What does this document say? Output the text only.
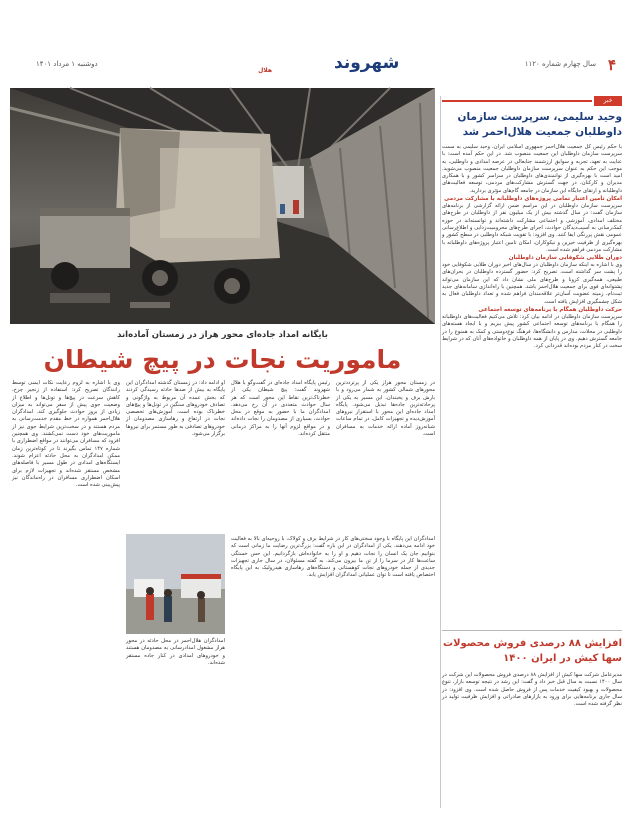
۴
سال چهارم شماره ۱۱۲۰
شهروند
هلال
دوشنبه ۱ مرداد ۱۴۰۱
خبر
وحید سلیمی، سرپرست سازمان داوطلبان جمعیت هلال‌احمر شد

با حکم رئیس کل جمعیت هلال‌احمر جمهوری اسلامی ایران، وحید سلیمی به سمت سرپرست سازمان داوطلبان این جمعیت منصوب شد. در این حکم آمده است: با عنایت به تعهد، تجربه و سوابق ارزشمند جنابعالی در عرصه امدادی و داوطلبی، به موجب این حکم به عنوان سرپرست سازمان داوطلبان جمعیت منصوب می‌شوید. امید است با بهره‌گیری از توانمندی‌های داوطلبان در سراسر کشور و با همکاری مدیران و کارکنان، در جهت گسترش مشارکت‌های مردمی، توسعه فعالیت‌های داوطلبانه و ارتقای جایگاه این سازمان در جامعه گام‌های مؤثری بردارید.

امکان تامین اعتبار تمامی پروژه‌های داوطلبانه با مشارکت مردمی

سرپرست سازمان داوطلبان در این مراسم ضمن ارائه گزارشی از برنامه‌های سازمان گفت: در سال گذشته بیش از یک میلیون نفر از داوطلبان در طرح‌های مختلف امدادی، آموزشی و اجتماعی مشارکت داشته‌اند و توانسته‌اند در حوزه کمک‌رسانی به آسیب‌دیدگان حوادث، اجرای طرح‌های محرومیت‌زدایی و اطلاع‌رسانی عمومی نقش پررنگی ایفا کنند. وی افزود: با تقویت شبکه داوطلبی در سطح کشور و بهره‌گیری از ظرفیت خیرین و نیکوکاران، امکان تامین اعتبار پروژه‌های داوطلبانه با مشارکت مردمی فراهم شده است.

دوران طلایی شکوفایی سازمان داوطلبان

وی با اشاره به اینکه سازمان داوطلبان در سال‌های اخیر دوران طلایی شکوفایی خود را پشت سر گذاشته است، تصریح کرد: حضور گسترده داوطلبان در بحران‌های طبیعی، همه‌گیری کرونا و طرح‌های ملی نشان داد که این سازمان می‌تواند پشتوانه‌ای قوی برای جمعیت هلال‌احمر باشد. همچنین با راه‌اندازی سامانه‌های جدید ثبت‌نام، زمینه عضویت آسان‌تر علاقه‌مندان فراهم شده و تعداد داوطلبان فعال به شکل چشمگیری افزایش یافته است.

حرکت داوطلبان همگام با برنامه‌های توسعه اجتماعی

سرپرست سازمان داوطلبان در ادامه بیان کرد: تلاش می‌کنیم فعالیت‌های داوطلبانه را همگام با برنامه‌های توسعه اجتماعی کشور پیش ببریم و با ایجاد هسته‌های داوطلبی در محلات، مدارس و دانشگاه‌ها، فرهنگ نوع‌دوستی و کمک به همنوع را در جامعه گسترش دهیم. وی در پایان از همه داوطلبان و خانواده‌های آنان که در شرایط سخت در کنار مردم بوده‌اند قدردانی کرد.

افزایش ۸۸ درصدی فروش محصولات سها کیش در ایران ۱۴۰۰

مدیرعامل شرکت سها کیش از افزایش ۸۸ درصدی فروش محصولات این شرکت در سال ۱۴۰۰ نسبت به سال قبل خبر داد و گفت: این رشد در نتیجه توسعه بازار، تنوع محصولات و بهبود کیفیت خدمات پس از فروش حاصل شده است. وی افزود: در سال جاری برنامه‌هایی برای ورود به بازارهای صادراتی و افزایش ظرفیت تولید در نظر گرفته شده است.

بایگانه امداد جاده‌ای محور هراز در زمستان آماده‌اند
ماموریت نجات در پیچ شیطان

در زمستان محور هراز یکی از پرتردد‌ترین محورهای شمالی کشور به شمار می‌رود و با بارش برف و یخبندان، این مسیر به یکی از پرحادثه‌ترین جاده‌ها تبدیل می‌شود. پایگاه امداد جاده‌ای این محور با استقرار نیروهای آموزش‌دیده و تجهیزات کامل، در تمام ساعات شبانه‌روز آماده ارائه خدمات به مسافران است.

رئیس پایگاه امداد جاده‌ای در گفت‌وگو با هلال شهروند گفت: پیچ شیطان یکی از خطرناک‌ترین نقاط این محور است که هر سال حوادث متعددی در آن رخ می‌دهد. امدادگران ما با حضور به موقع در محل حوادث، بسیاری از مصدومان را نجات داده‌اند و در مواقع لزوم آنها را به مراکز درمانی منتقل کرده‌اند.

او ادامه داد: در زمستان گذشته امدادگران این پایگاه به بیش از صدها حادثه رسیدگی کردند که بخش عمده آن مربوط به واژگونی و تصادف خودروهای سنگین در تونل‌ها و پیچ‌های خطرناک بوده است. آموزش‌های تخصصی نجات در ارتفاع و رهاسازی مصدومان از خودروهای تصادفی به طور مستمر برای نیروها برگزار می‌شود.

وی با اشاره به لزوم رعایت نکات ایمنی توسط رانندگان تصریح کرد: استفاده از زنجیر چرخ، کاهش سرعت در پیچ‌ها و تونل‌ها و اطلاع از وضعیت جوی پیش از سفر می‌تواند به میزان زیادی از بروز حوادث جلوگیری کند. امدادگران هلال‌احمر همواره در خط مقدم خدمت‌رسانی به مردم هستند و در سخت‌ترین شرایط جوی نیز از ماموریت‌های خود دست نمی‌کشند. وی همچنین افزود که مسافران می‌توانند در مواقع اضطراری با شماره ۱۴۷ تماس بگیرند تا در کوتاه‌ترین زمان ممکن امدادگران به محل حادثه اعزام شوند. ایستگاه‌های امدادی در طول مسیر با فاصله‌های مشخص مستقر شده‌اند و تجهیزات لازم برای اسکان اضطراری مسافران در راه‌ماندگان نیز پیش‌بینی شده است.

امدادگران این پایگاه با وجود سختی‌های کار در شرایط برف و کولاک، با روحیه‌ای بالا به فعالیت خود ادامه می‌دهند. یکی از امدادگران در این باره گفت: بزرگ‌ترین رضایت ما زمانی است که بتوانیم جان یک انسان را نجات دهیم و او را به خانواده‌اش بازگردانیم. این حس خستگی ساعت‌ها کار در سرما را از تن ما بیرون می‌کند. به گفته مسئولان، در سال جاری تجهیزات جدیدی از جمله خودروهای نجات کوهستانی و دستگاه‌های رهاسازی هیدرولیک به این پایگاه اختصاص یافته است تا توان عملیاتی امدادگران افزایش یابد.

امدادگران هلال‌احمر در محل حادثه در محور هراز مشغول امدادرسانی به مصدومان هستند و خودروهای امدادی در کنار جاده مستقر شده‌اند.
